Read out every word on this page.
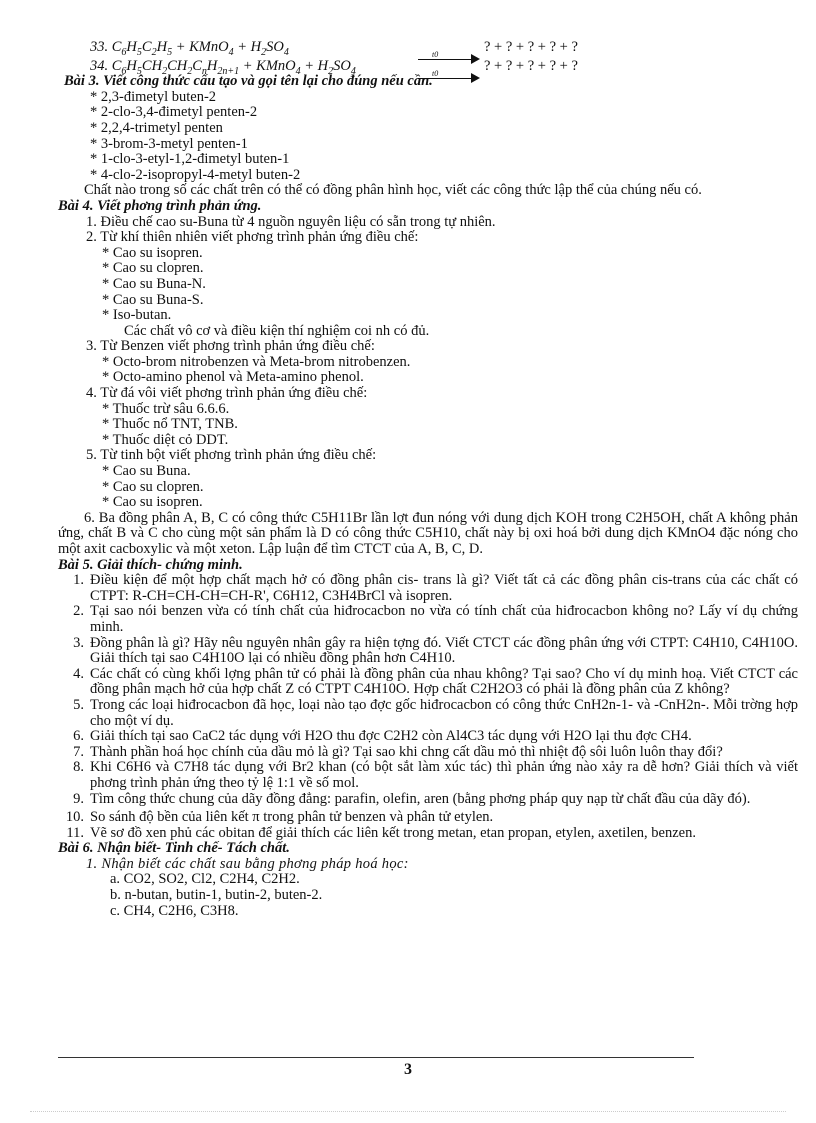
33. $C_6H_5C_2H_5$ + KMnO$_4$ + $H_2SO_4$	t0	? + ? + ? + ? + ?
34. $C_6H_5CH_2CH_2C_nH_{2n+1}$ + KMnO$_4$ + $H_2SO_4$	t0	? + ? + ? + ? + ?
Bài 3. Viết công thức cấu tạo và gọi tên lại cho đúng nếu cần.
* 2,3-đimetyl buten-2
* 2-clo-3,4-đimetyl penten-2
* 2,2,4-trimetyl penten
* 3-brom-3-metyl penten-1
* 1-clo-3-etyl-1,2-đimetyl buten-1
* 4-clo-2-isopropyl-4-metyl buten-2
Chất nào trong số các chất trên có thể có đồng phân hình học, viết các công thức lập thể của chúng nếu có.
Bài 4. Viết phơng trình phản ứng.
1. Điều chế cao su-Buna từ 4 nguồn nguyên liệu có sẵn trong tự nhiên.
2. Từ khí thiên nhiên viết phơng trình phản ứng điều chế:
* Cao su isopren.
* Cao su clopren.
* Cao su Buna-N.
* Cao su Buna-S.
* Iso-butan.
Các chất vô cơ và điều kiện thí nghiệm coi nh có đủ.
3. Từ Benzen viết phơng trình phản ứng điều chế:
* Octo-brom nitrobenzen và Meta-brom nitrobenzen.
* Octo-amino phenol và Meta-amino phenol.
4. Từ đá vôi viết phơng trình phản ứng điều chế:
* Thuốc trừ sâu 6.6.6.
* Thuốc nổ TNT, TNB.
* Thuốc diệt cỏ DDT.
5. Từ tinh bột viết phơng trình phản ứng điều chế:
* Cao su Buna.
* Cao su clopren.
* Cao su isopren.
6. Ba đồng phân A, B, C có công thức C5H11Br lần lợt đun nóng với dung dịch KOH trong C2H5OH, chất A không phản ứng, chất B và C cho cùng một sản phẩm là D có công thức C5H10, chất này bị oxi hoá bởi dung dịch KMnO4 đặc nóng cho một axit cacboxylic và một xeton. Lập luận để tìm CTCT của A, B, C, D.
Bài 5. Giải thích- chứng minh.
1. Điều kiện để một hợp chất mạch hở có đồng phân cis- trans là gì? Viết tất cả các đồng phân cis-trans của các chất có CTPT: R-CH=CH-CH=CH-R', C6H12, C3H4BrCl và isopren.
2. Tại sao nói benzen vừa có tính chất của hiđrocacbon no vừa có tính chất của hiđrocacbon không no? Lấy ví dụ chứng minh.
3. Đồng phân là gì? Hãy nêu nguyên nhân gây ra hiện tợng đó. Viết CTCT các đồng phân ứng với CTPT: C4H10, C4H10O. Giải thích tại sao C4H10O lại có nhiều đồng phân hơn C4H10.
4. Các chất có cùng khối lợng phân tử có phải là đồng phân của nhau không? Tại sao? Cho ví dụ minh hoạ. Viết CTCT các đồng phân mạch hở của hợp chất Z có CTPT C4H10O. Hợp chất C2H2O3 có phải là đồng phân của Z không?
5. Trong các loại hiđrocacbon đã học, loại nào tạo đợc gốc hiđrocacbon có công thức CnH2n-1- và -CnH2n-. Mỗi trờng hợp cho một ví dụ.
6. Giải thích tại sao CaC2 tác dụng với H2O thu đợc C2H2 còn Al4C3 tác dụng với H2O lại thu đợc CH4.
7. Thành phần hoá học chính của dầu mỏ là gì? Tại sao khi chng cất dầu mỏ thì nhiệt độ sôi luôn luôn thay đổi?
8. Khi C6H6 và C7H8 tác dụng với Br2 khan (có bột sắt làm xúc tác) thì phản ứng nào xảy ra dễ hơn? Giải thích và viết phơng trình phản ứng theo tỷ lệ 1:1 về số mol.
9. Tìm công thức chung của dãy đồng đẳng: parafin, olefin, aren (bằng phơng pháp quy nạp từ chất đầu của dãy đó).
10. So sánh độ bền của liên kết π trong phân tử benzen và phân tử etylen.
11. Vẽ sơ đồ xen phủ các obitan để giải thích các liên kết trong metan, etan propan, etylen, axetilen, benzen.
Bài 6. Nhận biết- Tinh chế- Tách chất.
1. Nhận biết các chất sau bằng phơng pháp hoá học:
a. CO2, SO2, Cl2, C2H4, C2H2.
b. n-butan, butin-1, butin-2, buten-2.
c. CH4, C2H6, C3H8.
3
